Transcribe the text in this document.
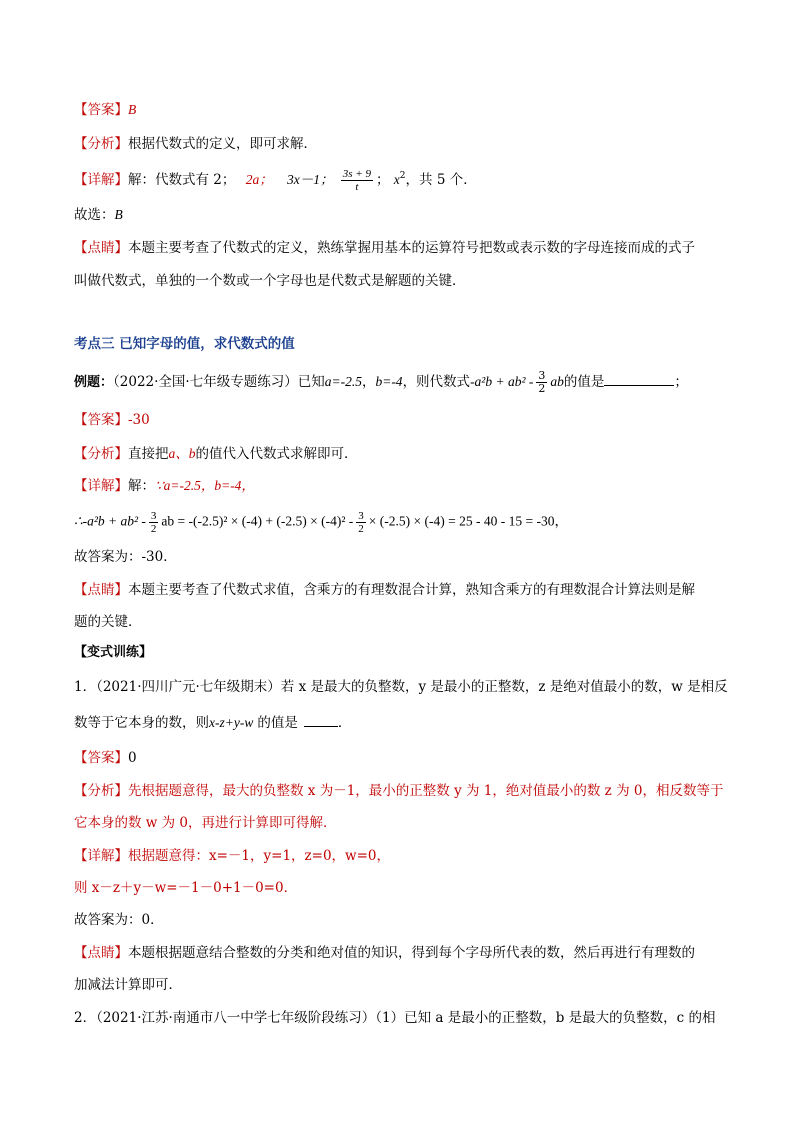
【答案】B
【分析】根据代数式的定义，即可求解．
【详解】解：代数式有 2； 2a； 3x－1； $\frac{3s + 9}{t}$ ； $x^2$，共 5 个．
故选：B
【点睛】本题主要考查了代数式的定义，熟练掌握用基本的运算符号把数或表示数的字母连接而成的式子
叫做代数式，单独的一个数或一个字母也是代数式是解题的关键．
考点三 已知字母的值，求代数式的值
例题：（2022·全国·七年级专题练习）已知a=-2.5，b=-4，则代数式$-a^2b + ab^2 - \frac{3}{2}$ ab的值是	；
【答案】-30
【分析】直接把a、b的值代入代数式求解即可．
【详解】解：∵a=-2.5，b=-4，
∴-a²b + $ab^2 - \frac{3}{2}$ ab = $-(-2.5)^2 \times (-4) + (-2.5) \times (-4)^2 - \frac{3}{2} \times (-2.5) \times (-4) = 25 - 40 - 15 = -30$，
故答案为：-30．
【点睛】本题主要考查了代数式求值，含乘方的有理数混合计算，熟知含乘方的有理数混合计算法则是解
题的关键．
【变式训练】
1．（2021·四川广元·七年级期末）若 x 是最大的负整数，y 是最小的正整数，z 是绝对值最小的数，w 是相反
数等于它本身的数，则x-z+y-w 的值是	．
【答案】0
【分析】先根据题意得，最大的负整数 x 为－1，最小的正整数 y 为 1，绝对值最小的数 z 为 0，相反数等于
它本身的数 w 为 0，再进行计算即可得解．
【详解】根据题意得：x=－1，y=1，z=0，w=0，
则 x－z＋y－w=－1－0+1－0=0．
故答案为：0．
【点睛】本题根据题意结合整数的分类和绝对值的知识，得到每个字母所代表的数，然后再进行有理数的
加减法计算即可．
2．（2021·江苏·南通市八一中学七年级阶段练习）（1）已知 a 是最小的正整数，b 是最大的负整数，c 的相
